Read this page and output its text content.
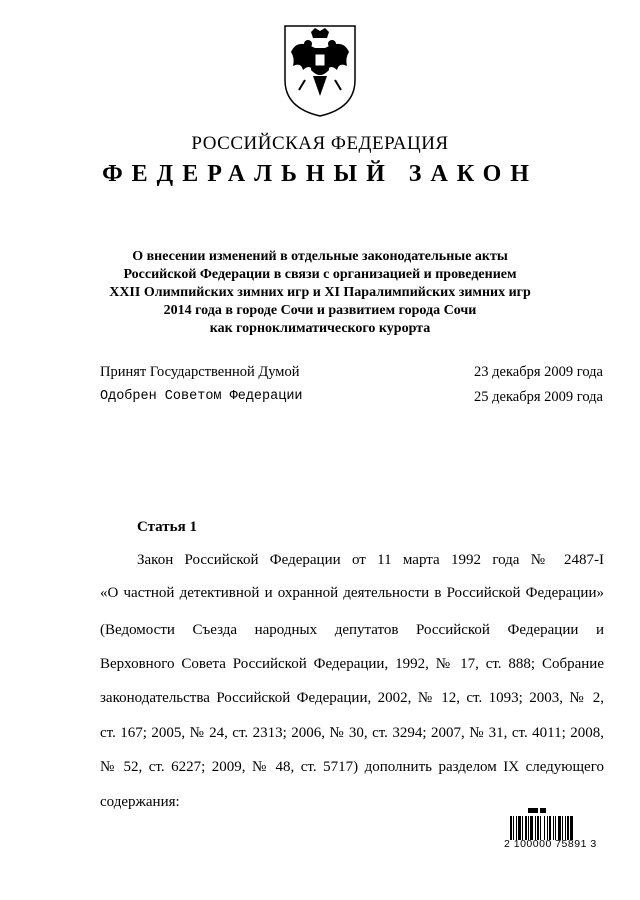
РОССИЙСКАЯ ФЕДЕРАЦИЯ
ФЕДЕРАЛЬНЫЙ ЗАКОН
О внесении изменений в отдельные законодательные акты
Российской Федерации в связи с организацией и проведением
XXII Олимпийских зимних игр и XI Паралимпийских зимних игр
2014 года в городе Сочи и развитием города Сочи
как горноклиматического курорта
Принят Государственной Думой	23 декабря 2009 года
Одобрен Советом Федерации	25 декабря 2009 года
Статья 1
Закон Российской Федерации от 11 марта 1992 года № 2487-I
«О частной детективной и охранной деятельности в Российской Федерации»
(Ведомости Съезда народных депутатов Российской Федерации и
Верховного Совета Российской Федерации, 1992, № 17, ст. 888; Собрание
законодательства Российской Федерации, 2002, № 12, ст. 1093; 2003, № 2,
ст. 167; 2005, № 24, ст. 2313; 2006, № 30, ст. 3294; 2007, № 31, ст. 4011; 2008,
№ 52, ст. 6227; 2009, № 48, ст. 5717) дополнить разделом IX следующего
содержания:
2 100000 75891 3
